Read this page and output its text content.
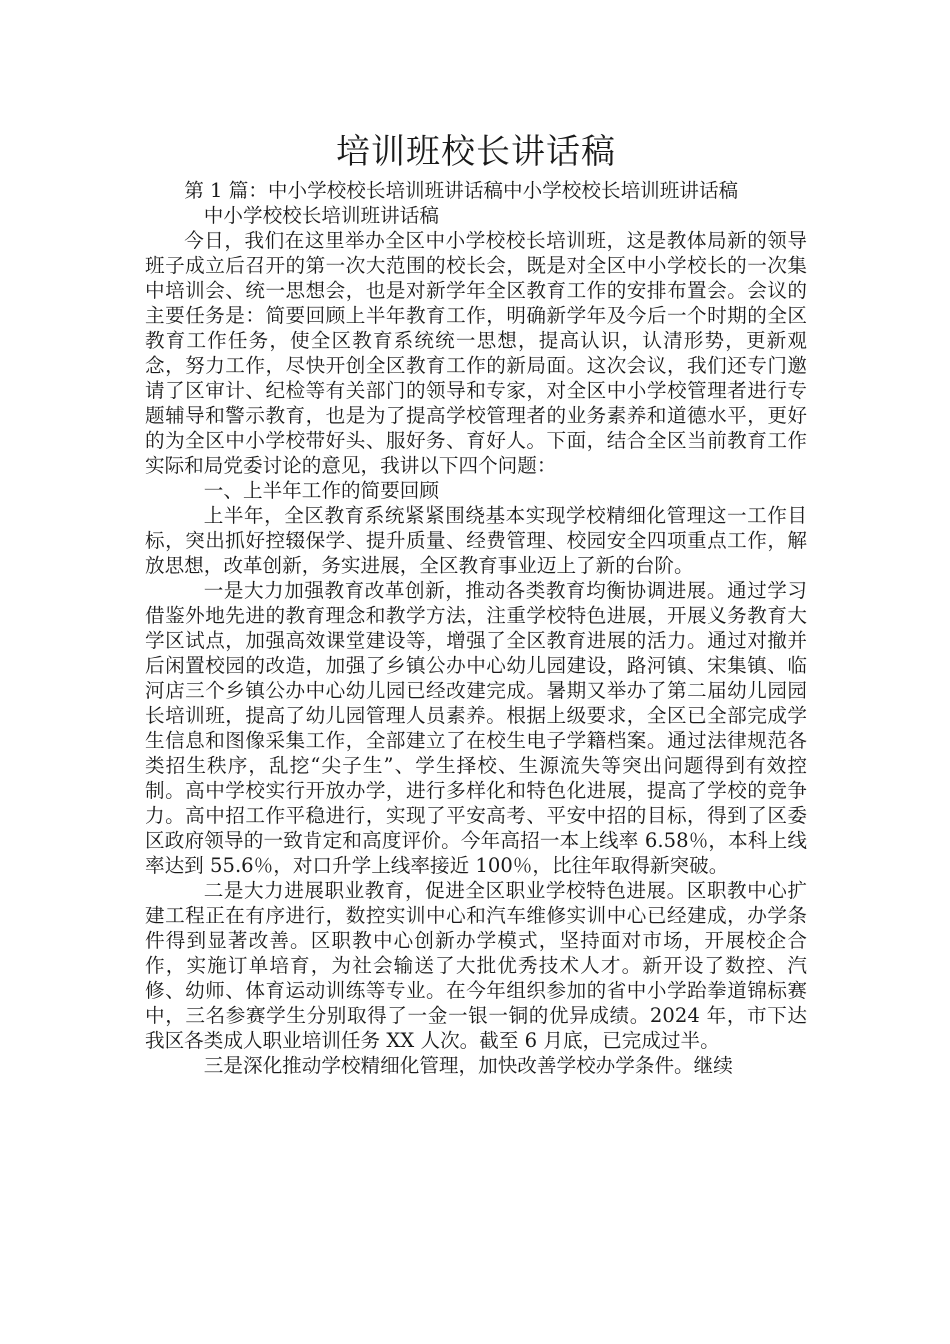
培训班校长讲话稿

第 1 篇：中小学校校长培训班讲话稿中小学校校长培训班讲话稿

中小学校校长培训班讲话稿

今日，我们在这里举办全区中小学校校长培训班，这是教体局新的领导班子成立后召开的第一次大范围的校长会，既是对全区中小学校长的一次集中培训会、统一思想会，也是对新学年全区教育工作的安排布置会。会议的主要任务是：简要回顾上半年教育工作，明确新学年及今后一个时期的全区教育工作任务，使全区教育系统统一思想，提高认识，认清形势，更新观念，努力工作，尽快开创全区教育工作的新局面。这次会议，我们还专门邀请了区审计、纪检等有关部门的领导和专家，对全区中小学校管理者进行专题辅导和警示教育，也是为了提高学校管理者的业务素养和道德水平，更好的为全区中小学校带好头、服好务、育好人。下面，结合全区当前教育工作实际和局党委讨论的意见，我讲以下四个问题：

一、上半年工作的简要回顾

上半年，全区教育系统紧紧围绕基本实现学校精细化管理这一工作目标，突出抓好控辍保学、提升质量、经费管理、校园安全四项重点工作，解放思想，改革创新，务实进展，全区教育事业迈上了新的台阶。

一是大力加强教育改革创新，推动各类教育均衡协调进展。通过学习借鉴外地先进的教育理念和教学方法，注重学校特色进展，开展义务教育大学区试点，加强高效课堂建设等，增强了全区教育进展的活力。通过对撤并后闲置校园的改造，加强了乡镇公办中心幼儿园建设，路河镇、宋集镇、临河店三个乡镇公办中心幼儿园已经改建完成。暑期又举办了第二届幼儿园园长培训班，提高了幼儿园管理人员素养。根据上级要求，全区已全部完成学生信息和图像采集工作，全部建立了在校生电子学籍档案。通过法律规范各类招生秩序，乱挖“尖子生”、学生择校、生源流失等突出问题得到有效控制。高中学校实行开放办学，进行多样化和特色化进展，提高了学校的竞争力。高中招工作平稳进行，实现了平安高考、平安中招的目标，得到了区委区政府领导的一致肯定和高度评价。今年高招一本上线率 6.58％，本科上线率达到 55.6％，对口升学上线率接近 100％，比往年取得新突破。

二是大力进展职业教育，促进全区职业学校特色进展。区职教中心扩建工程正在有序进行，数控实训中心和汽车维修实训中心已经建成，办学条件得到显著改善。区职教中心创新办学模式，坚持面对市场，开展校企合作，实施订单培育，为社会输送了大批优秀技术人才。新开设了数控、汽修、幼师、体育运动训练等专业。在今年组织参加的省中小学跆拳道锦标赛中，三名参赛学生分别取得了一金一银一铜的优异成绩。2024 年，市下达我区各类成人职业培训任务 XX 人次。截至 6 月底，已完成过半。

三是深化推动学校精细化管理，加快改善学校办学条件。继续
